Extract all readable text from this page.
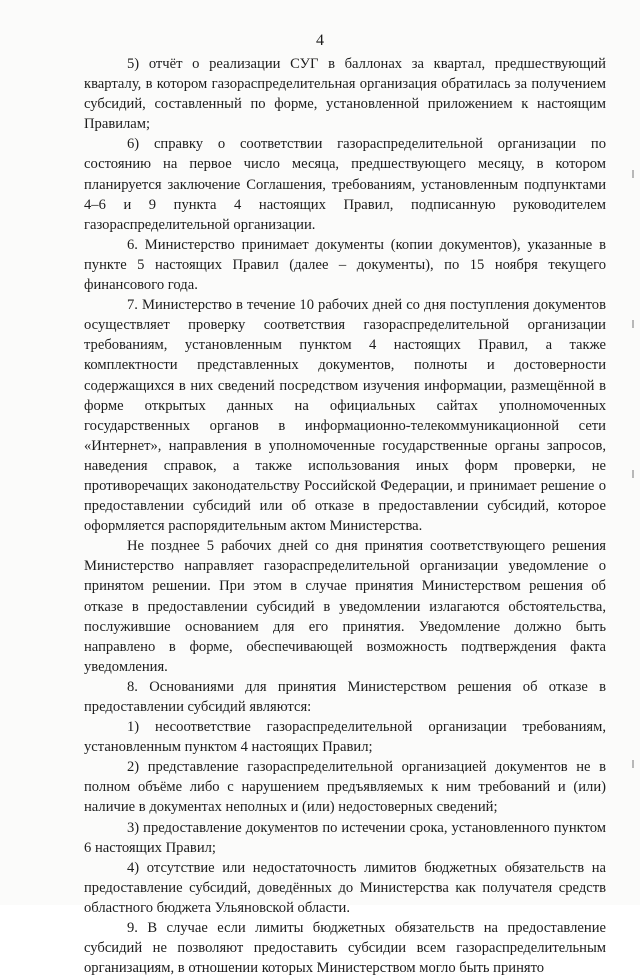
4

5) отчёт о реализации СУГ в баллонах за квартал, предшествующий кварталу, в котором газораспределительная организация обратилась за получением субсидий, составленный по форме, установленной приложением к настоящим Правилам;

6) справку о соответствии газораспределительной организации по состоянию на первое число месяца, предшествующего месяцу, в котором планируется заключение Соглашения, требованиям, установленным подпунктами 4–6 и 9 пункта 4 настоящих Правил, подписанную руководителем газораспределительной организации.

6. Министерство принимает документы (копии документов), указанные в пункте 5 настоящих Правил (далее – документы), по 15 ноября текущего финансового года.

7. Министерство в течение 10 рабочих дней со дня поступления документов осуществляет проверку соответствия газораспределительной организации требованиям, установленным пунктом 4 настоящих Правил, а также комплектности представленных документов, полноты и достоверности содержащихся в них сведений посредством изучения информации, размещённой в форме открытых данных на официальных сайтах уполномоченных государственных органов в информационно-телекоммуникационной сети «Интернет», направления в уполномоченные государственные органы запросов, наведения справок, а также использования иных форм проверки, не противоречащих законодательству Российской Федерации, и принимает решение о предоставлении субсидий или об отказе в предоставлении субсидий, которое оформляется распорядительным актом Министерства.

Не позднее 5 рабочих дней со дня принятия соответствующего решения Министерство направляет газораспределительной организации уведомление о принятом решении. При этом в случае принятия Министерством решения об отказе в предоставлении субсидий в уведомлении излагаются обстоятельства, послужившие основанием для его принятия. Уведомление должно быть направлено в форме, обеспечивающей возможность подтверждения факта уведомления.

8. Основаниями для принятия Министерством решения об отказе в предоставлении субсидий являются:

1) несоответствие газораспределительной организации требованиям, установленным пунктом 4 настоящих Правил;

2) представление газораспределительной организацией документов не в полном объёме либо с нарушением предъявляемых к ним требований и (или) наличие в документах неполных и (или) недостоверных сведений;

3) предоставление документов по истечении срока, установленного пунктом 6 настоящих Правил;

4) отсутствие или недостаточность лимитов бюджетных обязательств на предоставление субсидий, доведённых до Министерства как получателя средств областного бюджета Ульяновской области.

9. В случае если лимиты бюджетных обязательств на предоставление субсидий не позволяют предоставить субсидии всем газораспределительным организациям, в отношении которых Министерством могло быть принято
